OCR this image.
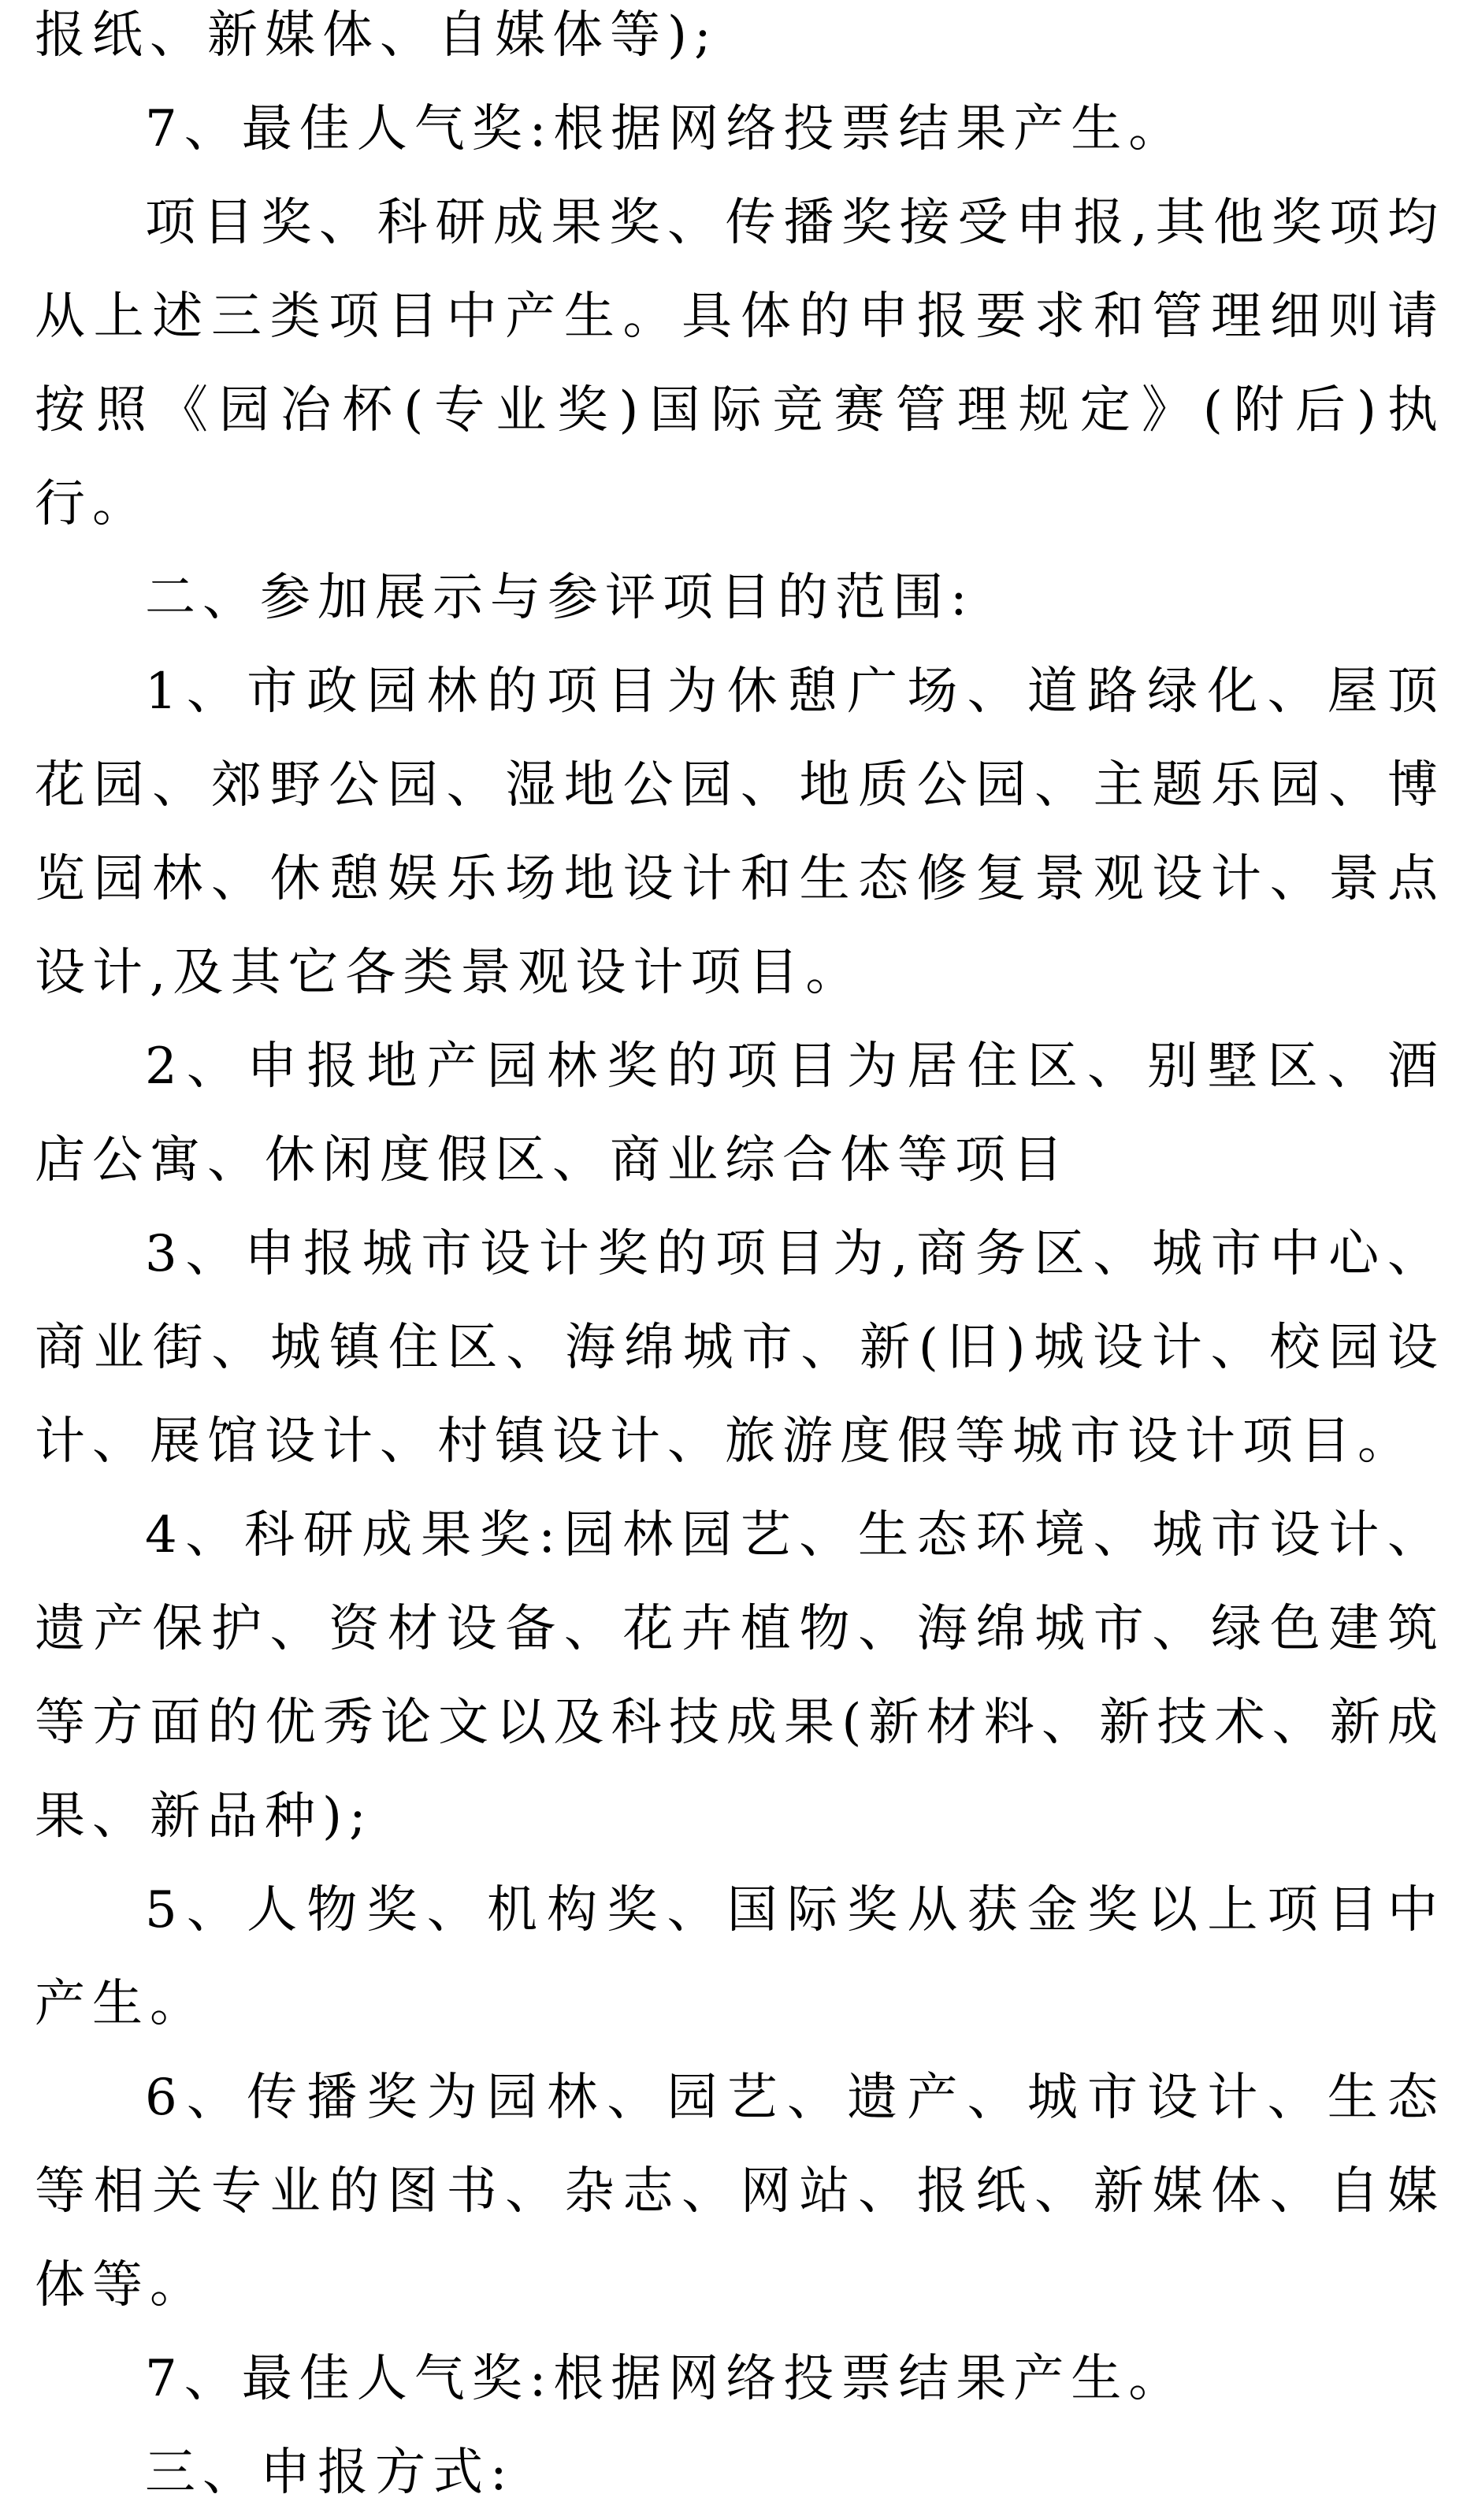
报纸、新媒体、自媒体等);

7、最佳人气奖:根据网络投票结果产生。

项目奖、科研成果奖、传播奖接受申报,其他奖项均从上述三类项目中产生。具体的申报要求和管理细则请按照《园冶杯(专业奖)国际竞赛管理规定》(附后)执行。

二、参加展示与参评项目的范围:

1、市政园林的项目为休憩广场、道路绿化、屋顶花园、郊野公园、湿地公园、地质公园、主题乐园、博览园林、休憩娱乐场地设计和生态修复景观设计、景点设计,及其它各类景观设计项目。

2、申报地产园林奖的项目为居住区、别墅区、酒店公寓、休闲度假区、商业综合体等项目

3、申报城市设计奖的项目为,商务区、城市中心、商业街、城镇住区、海绵城市、新(旧)城设计、校园设计、展馆设计、村镇设计、旅游度假等城市设计项目。

4、科研成果奖:园林园艺、生态环境、城市设计、遗产保护、资材设备、花卉植物、海绵城市、绿色建筑等方面的优秀论文以及科技成果(新材料、新技术、新成果、新品种);

5、人物奖、机构奖、国际奖从获金奖以上项目中产生。

6、传播奖为园林、园艺、遗产、城市设计、生态等相关专业的图书、杂志、网站、报纸、新媒体、自媒体等。

7、最佳人气奖:根据网络投票结果产生。

三、申报方式:
